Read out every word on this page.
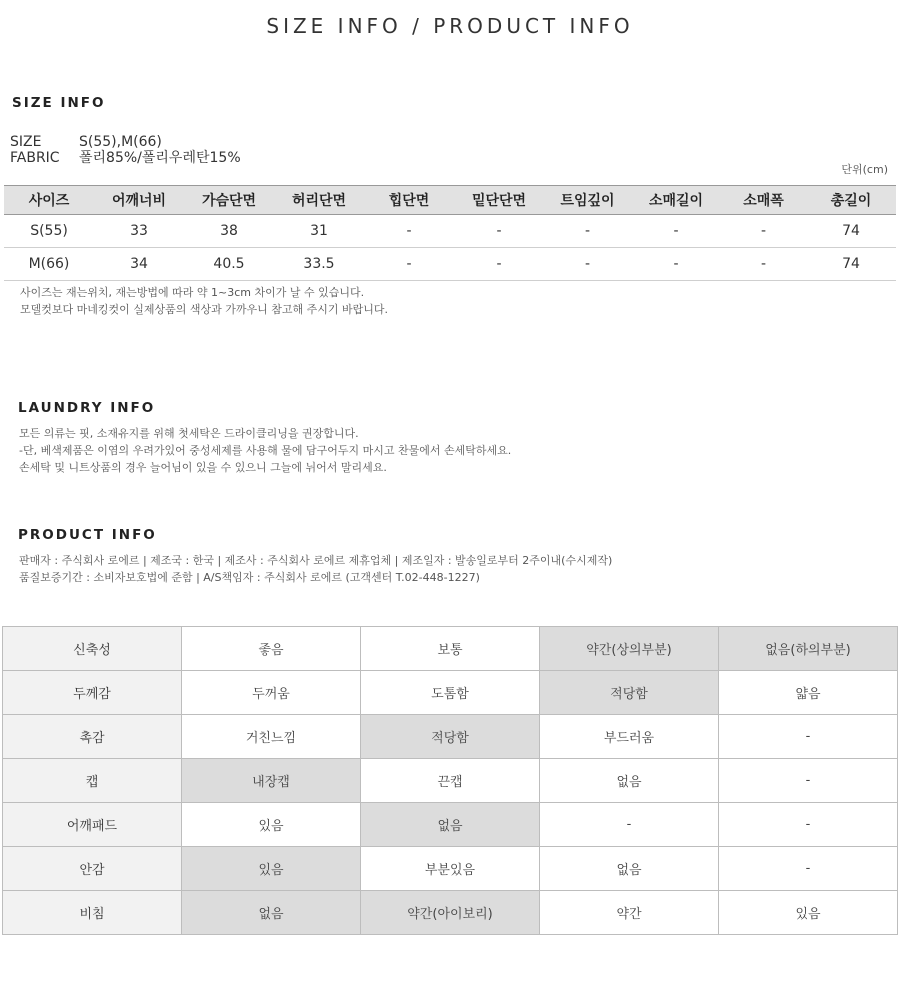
SIZE INFO / PRODUCT INFO
SIZE INFO
SIZE	S(55),M(66)
FABRIC 폴리85%/폴리우레탄15%
단위(cm)
사이즈	어깨너비	가슴단면	허리단면	힙단면	밑단단면	트임깊이	소매길이	소매폭	총길이
S(55)	33	38	31	-	-	-	-	-	74
M(66)	34	40.5	33.5	-	-	-	-	-	74
사이즈는 재는위치, 재는방법에 따라 약 1~3cm 차이가 날 수 있습니다.
모델컷보다 마네킹컷이 실제상품의 색상과 가까우니 참고해 주시기 바랍니다.
LAUNDRY INFO
모든 의류는 핏, 소재유지를 위해 첫세탁은 드라이클리닝을 권장합니다.
-단, 베색제품은 이염의 우려가있어 중성세제를 사용해 물에 담구어두지 마시고 찬물에서 손세탁하세요.
손세탁 및 니트상품의 경우 늘어님이 있을 수 있으니 그늘에 뉘어서 말리세요.
PRODUCT INFO
판매자 : 주식회사 로에르 | 제조국 : 한국 | 제조사 : 주식회사 로에르 제휴업체 | 제조일자 : 발송일로부터 2주이내(수시제작)
품질보증기간 : 소비자보호법에 준함 | A/S책임자 : 주식회사 로에르 (고객센터 T.02-448-1227)
신축성	좋음	보통	약간(상의부분)	없음(하의부분)
두께감	두꺼움	도톰함	적당함	얇음
촉감	거친느낌	적당함	부드러움	-
캡	내장캡	끈캡	없음	-
어깨패드	있음	없음	-	-
안감	있음	부분있음	없음	-
비침	없음	약간(아이보리)	약간	있음
